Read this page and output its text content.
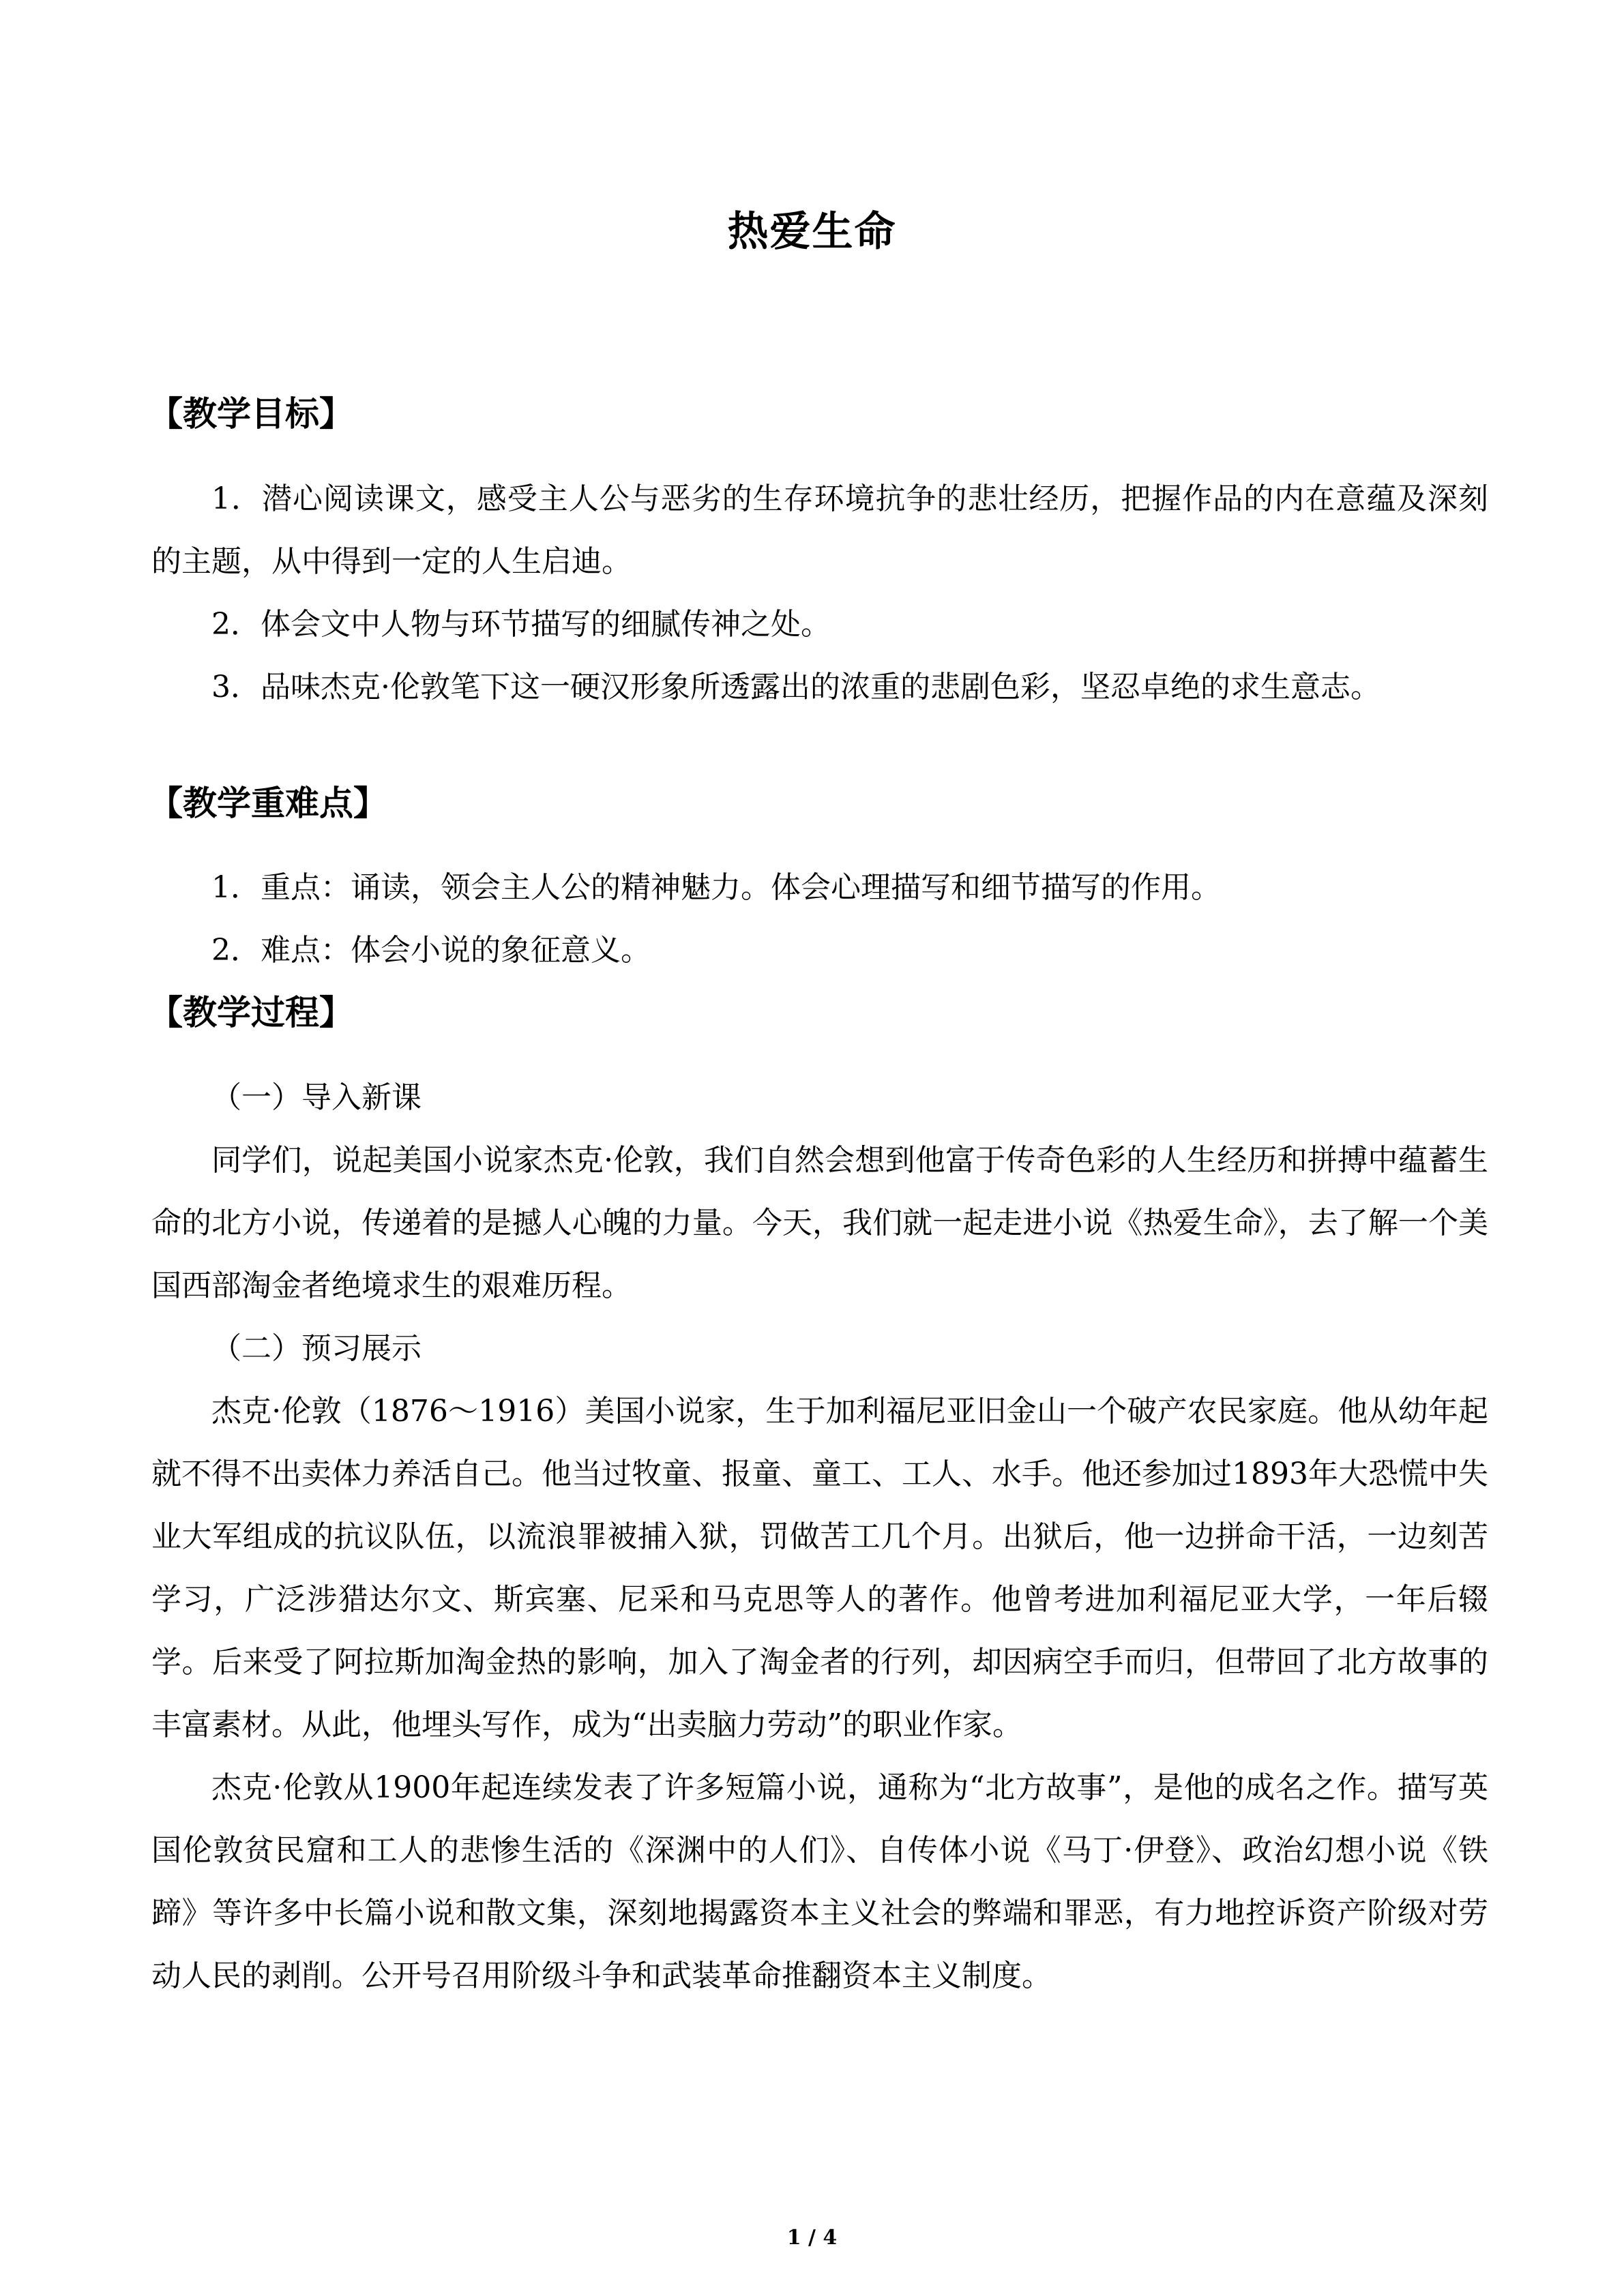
热爱生命
【教学目标】

1．潜心阅读课文，感受主人公与恶劣的生存环境抗争的悲壮经历，把握作品的内在意蕴及深刻的主题，从中得到一定的人生启迪。

2．体会文中人物与环节描写的细腻传神之处。

3．品味杰克·伦敦笔下这一硬汉形象所透露出的浓重的悲剧色彩，坚忍卓绝的求生意志。

【教学重难点】

1．重点：诵读，领会主人公的精神魅力。体会心理描写和细节描写的作用。

2．难点：体会小说的象征意义。

【教学过程】

（一）导入新课

同学们，说起美国小说家杰克·伦敦，我们自然会想到他富于传奇色彩的人生经历和拼搏中蕴蓄生命的北方小说，传递着的是撼人心魄的力量。今天，我们就一起走进小说《热爱生命》，去了解一个美国西部淘金者绝境求生的艰难历程。

（二）预习展示

杰克·伦敦（1876～1916）美国小说家，生于加利福尼亚旧金山一个破产农民家庭。他从幼年起就不得不出卖体力养活自己。他当过牧童、报童、童工、工人、水手。他还参加过1893年大恐慌中失业大军组成的抗议队伍，以流浪罪被捕入狱，罚做苦工几个月。出狱后，他一边拼命干活，一边刻苦学习，广泛涉猎达尔文、斯宾塞、尼采和马克思等人的著作。他曾考进加利福尼亚大学，一年后辍学。后来受了阿拉斯加淘金热的影响，加入了淘金者的行列，却因病空手而归，但带回了北方故事的丰富素材。从此，他埋头写作，成为“出卖脑力劳动”的职业作家。

杰克·伦敦从1900年起连续发表了许多短篇小说，通称为“北方故事”，是他的成名之作。描写英国伦敦贫民窟和工人的悲惨生活的《深渊中的人们》、自传体小说《马丁·伊登》、政治幻想小说《铁蹄》等许多中长篇小说和散文集，深刻地揭露资本主义社会的弊端和罪恶，有力地控诉资产阶级对劳动人民的剥削。公开号召用阶级斗争和武装革命推翻资本主义制度。

1 / 4
